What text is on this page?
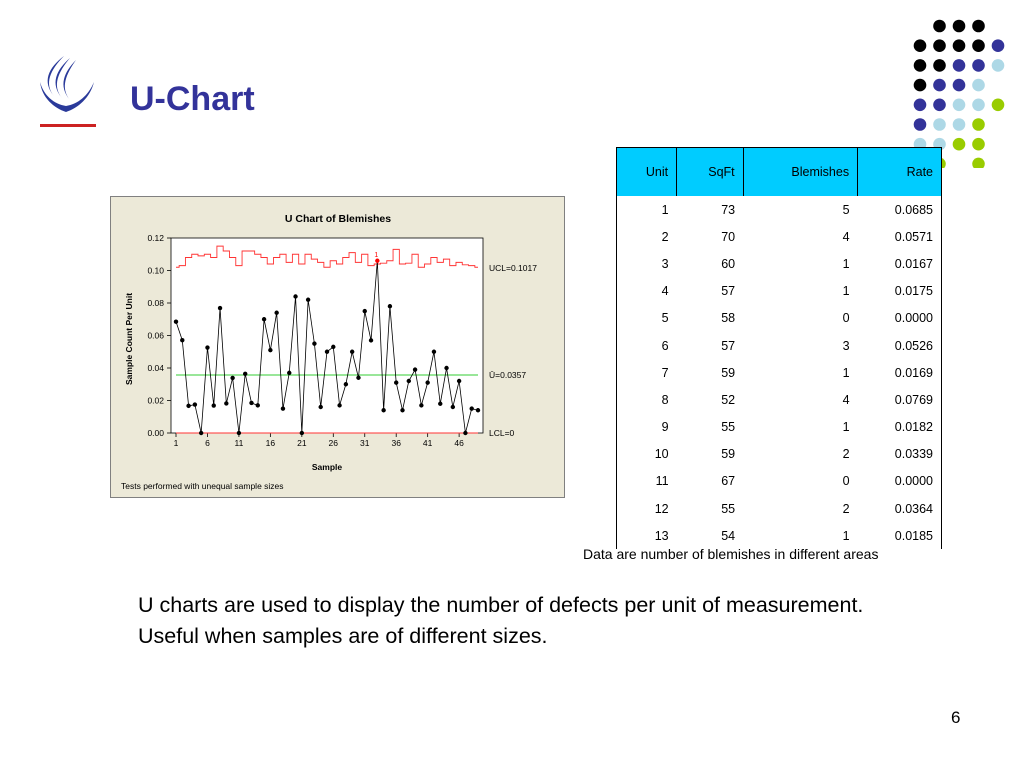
U-Chart
U Chart of Blemishes
Sample Count Per Unit
Sample
Tests performed with unequal sample sizes
UCL=0.1017
Ū=0.0357
LCL=0
0.00
0.02
0.04
0.06
0.08
0.10
0.12
1	6	11	16	21	26	31	36	41	46
1
Unit	SqFt	Blemishes	Rate
1	73	5	0.0685
2	70	4	0.0571
3	60	1	0.0167
4	57	1	0.0175
5	58	0	0.0000
6	57	3	0.0526
7	59	1	0.0169
8	52	4	0.0769
9	55	1	0.0182
10	59	2	0.0339
11	67	0	0.0000
12	55	2	0.0364
13	54	1	0.0185
Data are number of blemishes in different areas
U charts are used to display the number of defects per unit of measurement. Useful when samples are of different sizes.
6
